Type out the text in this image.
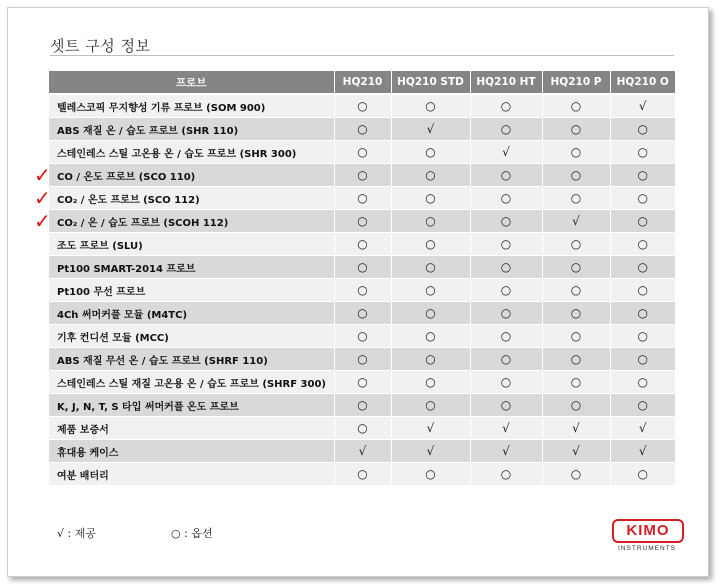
셋트 구성 정보
프로브	HQ210	HQ210 STD	HQ210 HT	HQ210 P	HQ210 O
텔레스코픽 무지향성 기류 프로브 (SOM 900)	○	○	○	○	√
ABS 재질 온 / 습도 프로브 (SHR 110)	○	√	○	○	○
스테인레스 스틸 고온용 온 / 습도 프로브 (SHR 300)	○	○	√	○	○
CO / 온도 프로브 (SCO 110)	○	○	○	○	○
CO₂ / 온도 프로브 (SCO 112)	○	○	○	○	○
CO₂ / 온 / 습도 프로브 (SCOH 112)	○	○	○	√	○
조도 프로브 (SLU)	○	○	○	○	○
Pt100 SMART-2014 프로브	○	○	○	○	○
Pt100 무선 프로브	○	○	○	○	○
4Ch 써머커플 모듈 (M4TC)	○	○	○	○	○
기후 컨디션 모듈 (MCC)	○	○	○	○	○
ABS 재질 무선 온 / 습도 프로브 (SHRF 110)	○	○	○	○	○
스테인레스 스틸 재질 고온용 온 / 습도 프로브 (SHRF 300)	○	○	○	○	○
K, J, N, T, S 타입 써머커플 온도 프로브	○	○	○	○	○
제품 보증서	○	√	√	√	√
휴대용 케이스	√	√	√	√	√
여분 배터리	○	○	○	○	○
✓
✓
✓
√ : 제공	○ : 옵션	KIMO
INSTRUMENTS
